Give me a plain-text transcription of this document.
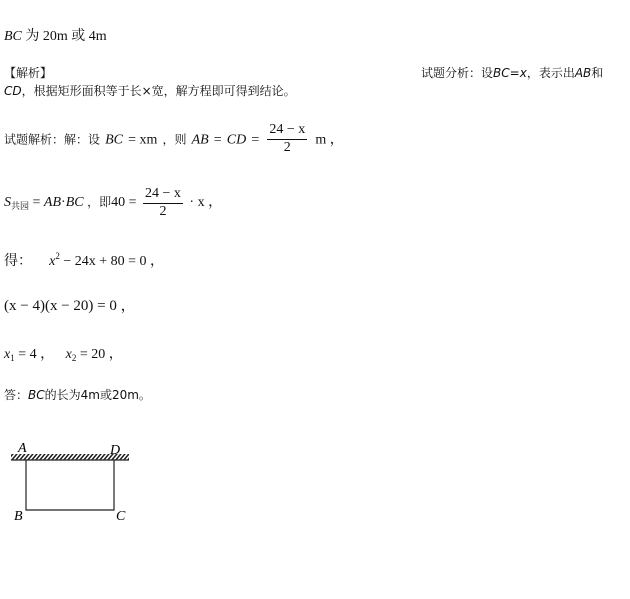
BC 为 20m 或 4m
【解析】	试题分析：设BC=x，表示出AB和
CD，根据矩形面积等于长×宽，解方程即可得到结论。
试题解析：解：设 BC = xm ，则 AB = CD = $\frac{24 - x}{2}$ m ，
$S_{共园} = AB\cdot BC$ ，即$40 = \frac{24 - x}{2} \cdot x$ ，
得： $x^2 - 24x + 80 = 0$ ，
(x − 4)(x − 20) = 0 ，
$x_1 = 4$ ， $x_2 = 20$ ，
答：BC的长为4m或20m。
A	D
B	C
